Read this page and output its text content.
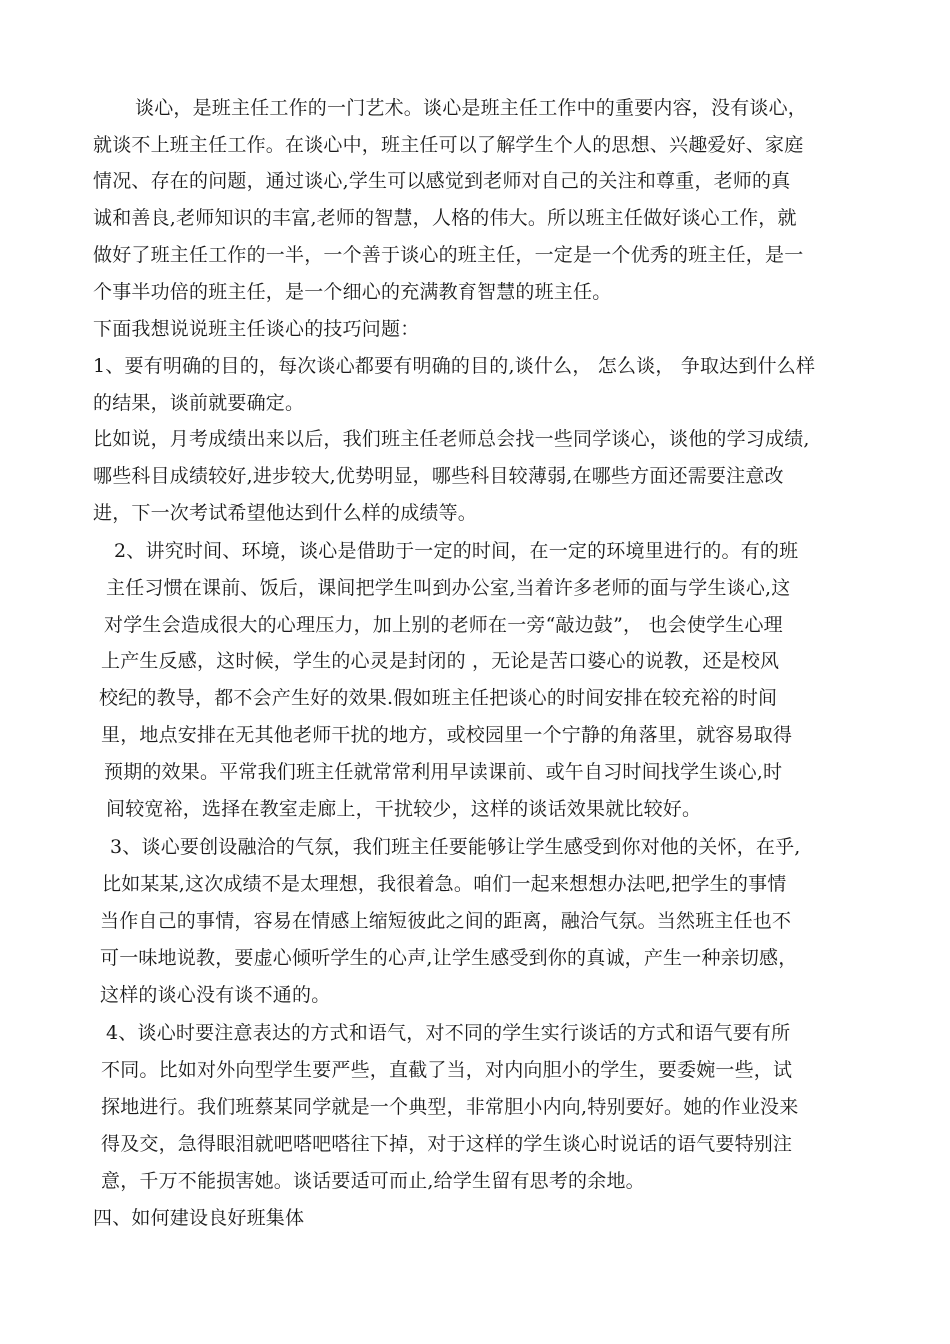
谈心，是班主任工作的一门艺术。谈心是班主任工作中的重要内容，没有谈心，
就谈不上班主任工作。在谈心中，班主任可以了解学生个人的思想、兴趣爱好、家庭
情况、存在的问题，通过谈心,学生可以感觉到老师对自己的关注和尊重，老师的真
诚和善良,老师知识的丰富,老师的智慧，人格的伟大。所以班主任做好谈心工作，就
做好了班主任工作的一半，一个善于谈心的班主任，一定是一个优秀的班主任，是一
个事半功倍的班主任，是一个细心的充满教育智慧的班主任。
下面我想说说班主任谈心的技巧问题：
1、要有明确的目的，每次谈心都要有明确的目的,谈什么， 怎么谈， 争取达到什么样
的结果，谈前就要确定。
比如说，月考成绩出来以后，我们班主任老师总会找一些同学谈心，谈他的学习成绩,
哪些科目成绩较好,进步较大,优势明显，哪些科目较薄弱,在哪些方面还需要注意改
进，下一次考试希望他达到什么样的成绩等。
2、讲究时间、环境，谈心是借助于一定的时间，在一定的环境里进行的。有的班
主任习惯在课前、饭后，课间把学生叫到办公室,当着许多老师的面与学生谈心,这
对学生会造成很大的心理压力，加上别的老师在一旁“敲边鼓”， 也会使学生心理
上产生反感，这时候，学生的心灵是封闭的 ，无论是苦口婆心的说教，还是校风
校纪的教导，都不会产生好的效果.假如班主任把谈心的时间安排在较充裕的时间
里，地点安排在无其他老师干扰的地方，或校园里一个宁静的角落里，就容易取得
预期的效果。平常我们班主任就常常利用早读课前、或午自习时间找学生谈心,时
间较宽裕，选择在教室走廊上，干扰较少，这样的谈话效果就比较好。
3、谈心要创设融洽的气氛，我们班主任要能够让学生感受到你对他的关怀，在乎,
比如某某,这次成绩不是太理想，我很着急。咱们一起来想想办法吧,把学生的事情
当作自己的事情，容易在情感上缩短彼此之间的距离，融洽气氛。当然班主任也不
可一味地说教，要虚心倾听学生的心声,让学生感受到你的真诚，产生一种亲切感，
这样的谈心没有谈不通的。
4、谈心时要注意表达的方式和语气，对不同的学生实行谈话的方式和语气要有所
不同。比如对外向型学生要严些，直截了当，对内向胆小的学生，要委婉一些，试
探地进行。我们班蔡某同学就是一个典型，非常胆小内向,特别要好。她的作业没来
得及交，急得眼泪就吧嗒吧嗒往下掉，对于这样的学生谈心时说话的语气要特别注
意，千万不能损害她。谈话要适可而止,给学生留有思考的余地。
四、如何建设良好班集体
